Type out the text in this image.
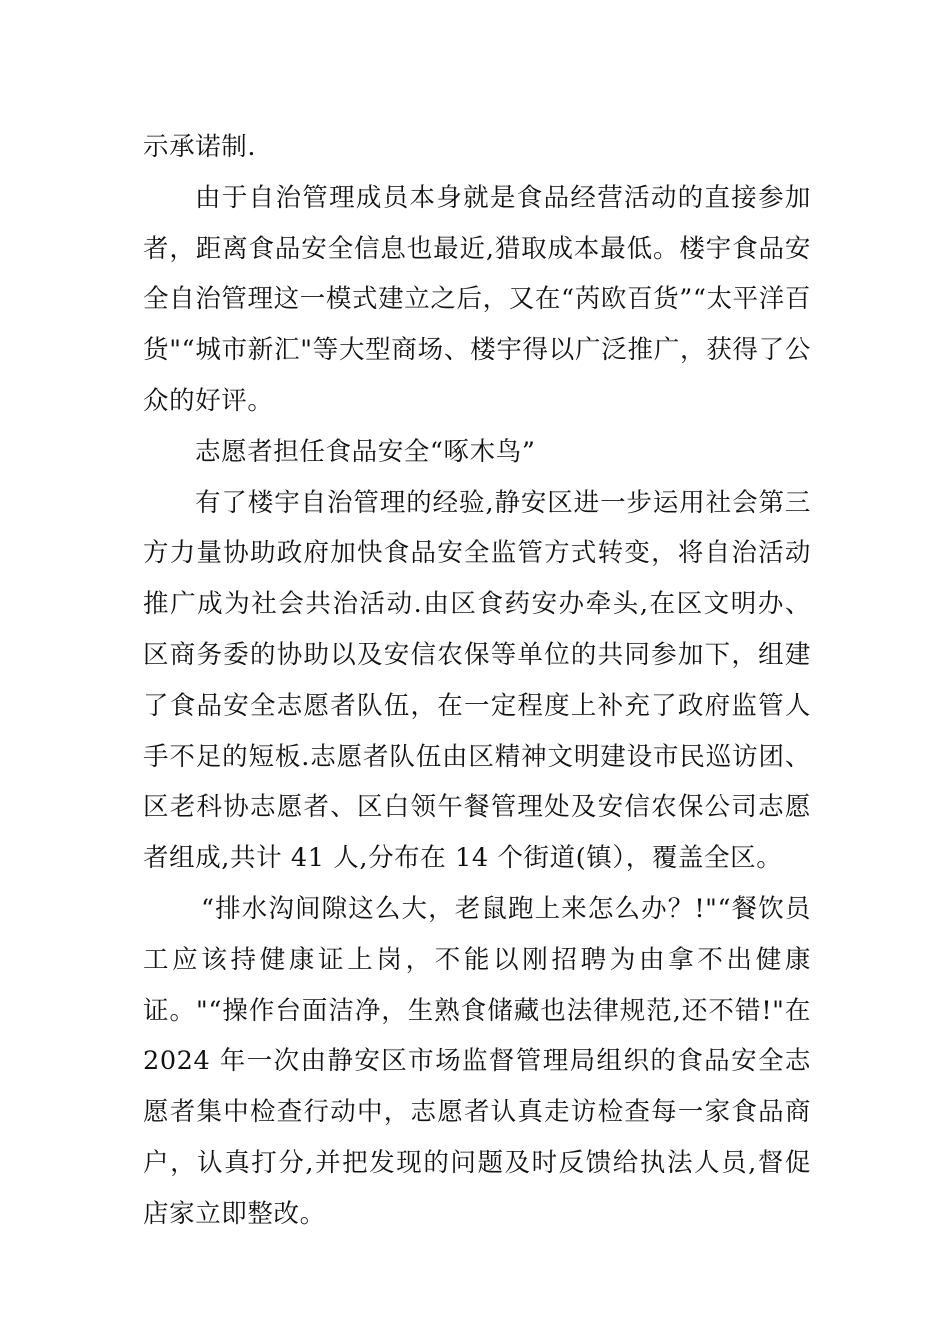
示承诺制.

由于自治管理成员本身就是食品经营活动的直接参加者，距离食品安全信息也最近,猎取成本最低。楼宇食品安全自治管理这一模式建立之后，又在“芮欧百货”“太平洋百货"“城市新汇"等大型商场、楼宇得以广泛推广，获得了公众的好评。

志愿者担任食品安全“啄木鸟”

有了楼宇自治管理的经验,静安区进一步运用社会第三方力量协助政府加快食品安全监管方式转变，将自治活动推广成为社会共治活动.由区食药安办牵头,在区文明办、区商务委的协助以及安信农保等单位的共同参加下，组建了食品安全志愿者队伍，在一定程度上补充了政府监管人手不足的短板.志愿者队伍由区精神文明建设市民巡访团、区老科协志愿者、区白领午餐管理处及安信农保公司志愿者组成,共计 41 人,分布在 14 个街道(镇），覆盖全区。

“排水沟间隙这么大，老鼠跑上来怎么办？!"“餐饮员工应该持健康证上岗，不能以刚招聘为由拿不出健康证。"“操作台面洁净，生熟食储藏也法律规范,还不错!"在 2024 年一次由静安区市场监督管理局组织的食品安全志愿者集中检查行动中，志愿者认真走访检查每一家食品商户，认真打分,并把发现的问题及时反馈给执法人员,督促店家立即整改。
